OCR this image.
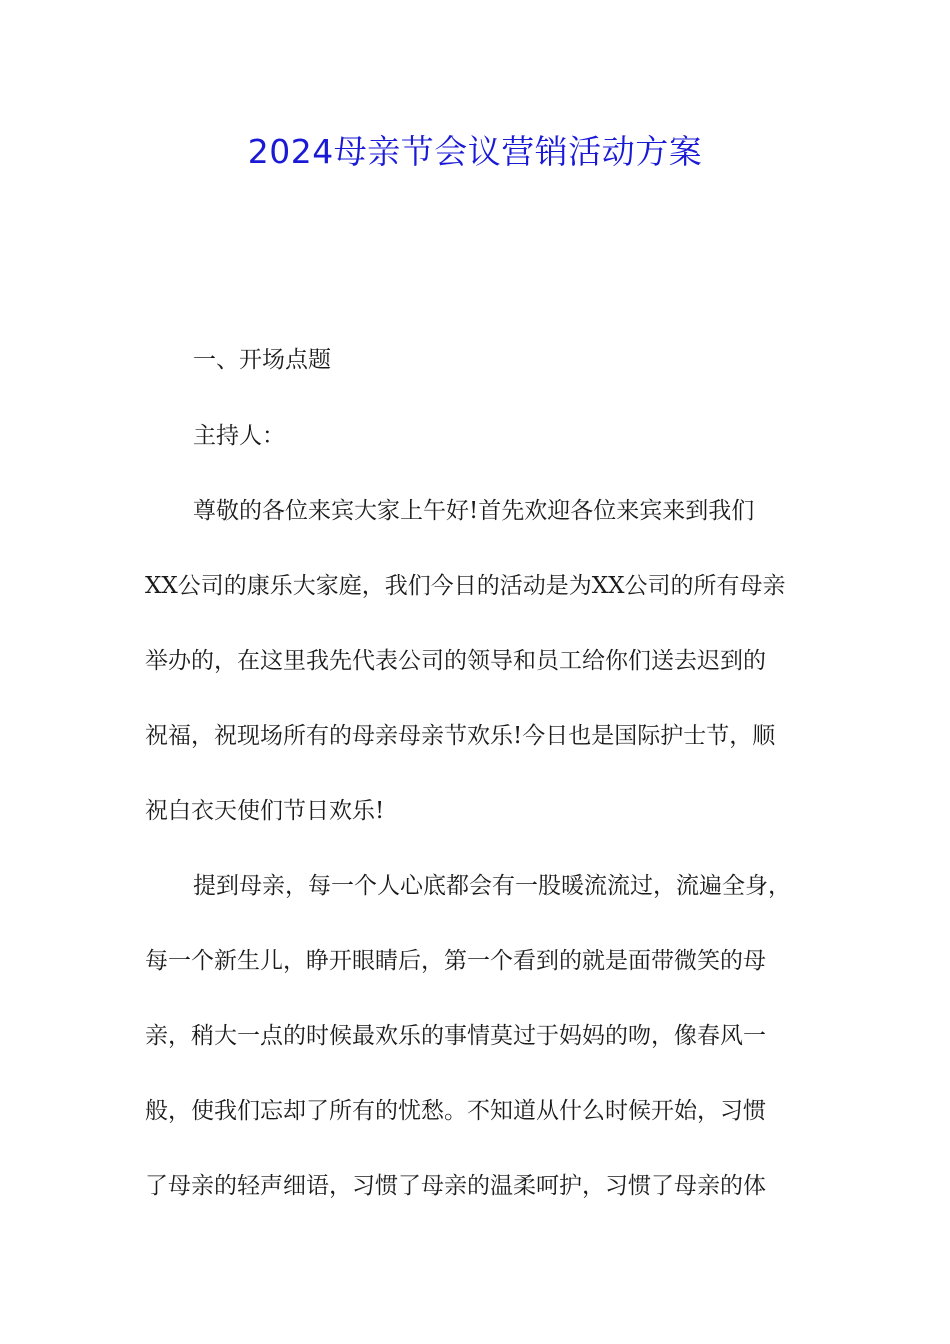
2024母亲节会议营销活动方案

一、开场点题

主持人：

尊敬的各位来宾大家上午好!首先欢迎各位来宾来到我们

XX公司的康乐大家庭，我们今日的活动是为XX公司的所有母亲

举办的，在这里我先代表公司的领导和员工给你们送去迟到的

祝福，祝现场所有的母亲母亲节欢乐!今日也是国际护士节，顺

祝白衣天使们节日欢乐!

提到母亲，每一个人心底都会有一股暖流流过，流遍全身，

每一个新生儿，睁开眼睛后，第一个看到的就是面带微笑的母

亲，稍大一点的时候最欢乐的事情莫过于妈妈的吻，像春风一

般，使我们忘却了所有的忧愁。不知道从什么时候开始，习惯

了母亲的轻声细语，习惯了母亲的温柔呵护，习惯了母亲的体
